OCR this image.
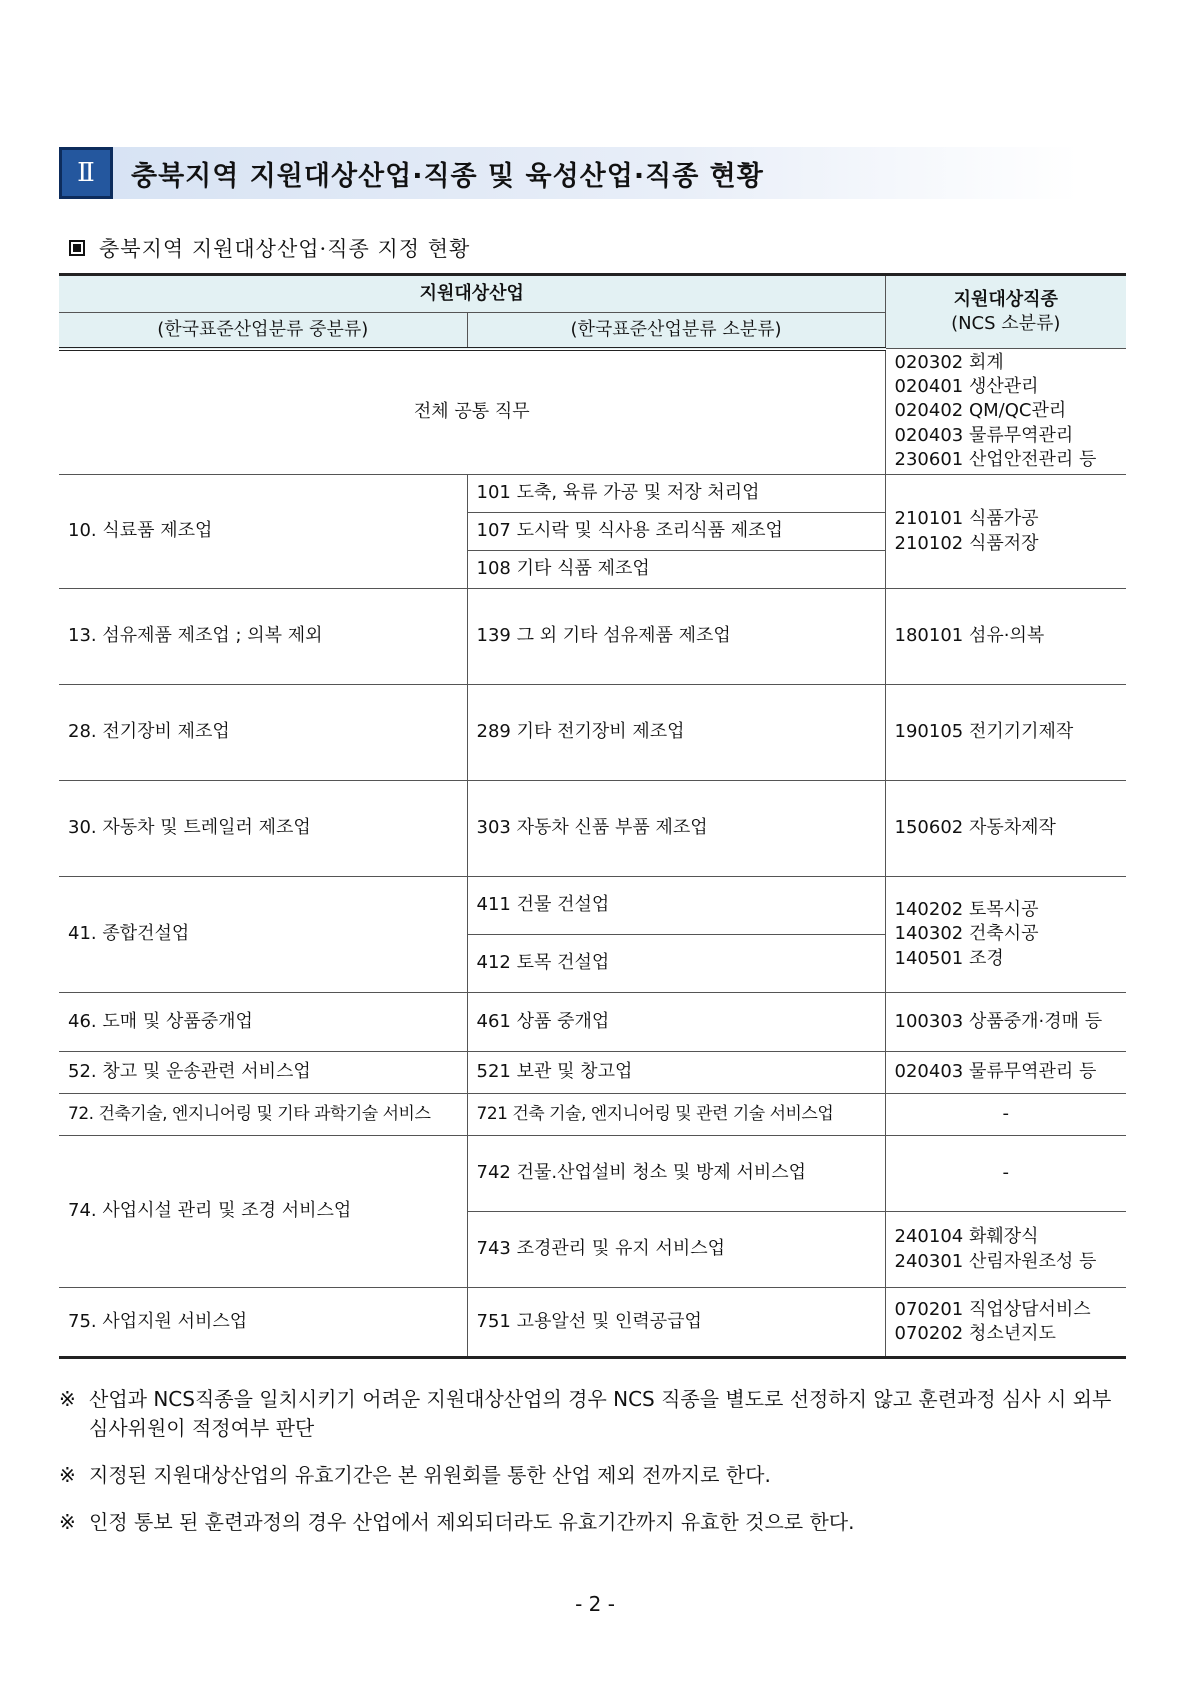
Ⅱ	충북지역 지원대상산업·직종 및 육성산업·직종 현황
충북지역 지원대상산업·직종 지정 현황
지원대상산업		지원대상직종
(NCS 소분류)

(한국표준산업분류 중분류)	(한국표준산업분류 소분류)	
전체 공통 직무		020302 회계
020401 생산관리
020402 QM/QC관리
020403 물류무역관리
230601 산업안전관리 등

10. 식료품 제조업	101 도축, 육류 가공 및 저장 처리업	210101 식품가공
210102 식품저장

	107 도시락 및 식사용 조리식품 제조업	
	108 기타 식품 제조업	
13. 섬유제품 제조업 ; 의복 제외	139 그 외 기타 섬유제품 제조업	180101 섬유·의복
28. 전기장비 제조업	289 기타 전기장비 제조업	190105 전기기기제작
30. 자동차 및 트레일러 제조업	303 자동차 신품 부품 제조업	150602 자동차제작
41. 종합건설업	411 건물 건설업	140202 토목시공
140302 건축시공
140501 조경

	412 토목 건설업	
46. 도매 및 상품중개업	461 상품 중개업	100303 상품중개·경매 등
52. 창고 및 운송관련 서비스업	521 보관 및 창고업	020403 물류무역관리 등
72. 건축기술, 엔지니어링 및 기타 과학기술 서비스	721 건축 기술, 엔지니어링 및 관련 기술 서비스업	-
74. 사업시설 관리 및 조경 서비스업	742 건물.산업설비 청소 및 방제 서비스업	-
	743 조경관리 및 유지 서비스업	240104 화훼장식
240301 산림자원조성 등

75. 사업지원 서비스업	751 고용알선 및 인력공급업	070201 직업상담서비스
070202 청소년지도
※ 산업과 NCS직종을 일치시키기 어려운 지원대상산업의 경우 NCS 직종을 별도로 선정하지 않고 훈련과정 심사 시 외부심사위원이 적정여부 판단
※ 지정된 지원대상산업의 유효기간은 본 위원회를 통한 산업 제외 전까지로 한다.
※ 인정 통보 된 훈련과정의 경우 산업에서 제외되더라도 유효기간까지 유효한 것으로 한다.
- 2 -
